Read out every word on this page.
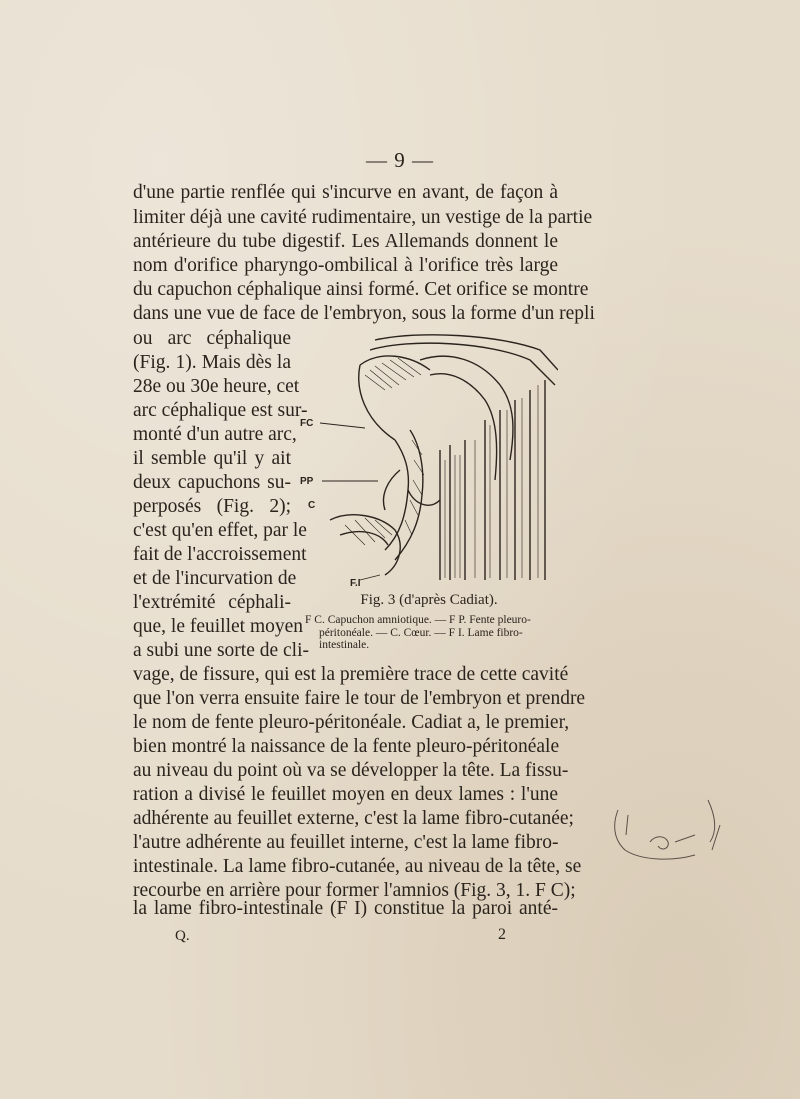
— 9 —
d'une partie renflée qui s'incurve en avant, de façon à
limiter déjà une cavité rudimentaire, un vestige de la partie
antérieure du tube digestif. Les Allemands donnent le
nom d'orifice pharyngo-ombilical à l'orifice très large
du capuchon céphalique ainsi formé. Cet orifice se montre
dans une vue de face de l'embryon, sous la forme d'un repli
ou arc céphalique
(Fig. 1). Mais dès la
28e ou 30e heure, cet
arc céphalique est sur-
monté d'un autre arc,
il semble qu'il y ait
deux capuchons su-
perposés (Fig. 2);
c'est qu'en effet, par le
fait de l'accroissement
et de l'incurvation de
l'extrémité céphali-
que, le feuillet moyen
a subi une sorte de cli-
FC
PP
C
F.I
Fig. 3 (d'après Cadiat).
F C. Capuchon amniotique. — F P. Fente pleuro-
péritonéale. — C. Cœur. — F I. Lame fibro-
intestinale.
vage, de fissure, qui est la première trace de cette cavité
que l'on verra ensuite faire le tour de l'embryon et prendre
le nom de fente pleuro-péritonéale. Cadiat a, le premier,
bien montré la naissance de la fente pleuro-péritonéale
au niveau du point où va se développer la tête. La fissu-
ration a divisé le feuillet moyen en deux lames : l'une
adhérente au feuillet externe, c'est la lame fibro-cutanée;
l'autre adhérente au feuillet interne, c'est la lame fibro-
intestinale. La lame fibro-cutanée, au niveau de la tête, se
recourbe en arrière pour former l'amnios (Fig. 3, 1. F C);
la lame fibro-intestinale (F I) constitue la paroi anté-
Q.	2
